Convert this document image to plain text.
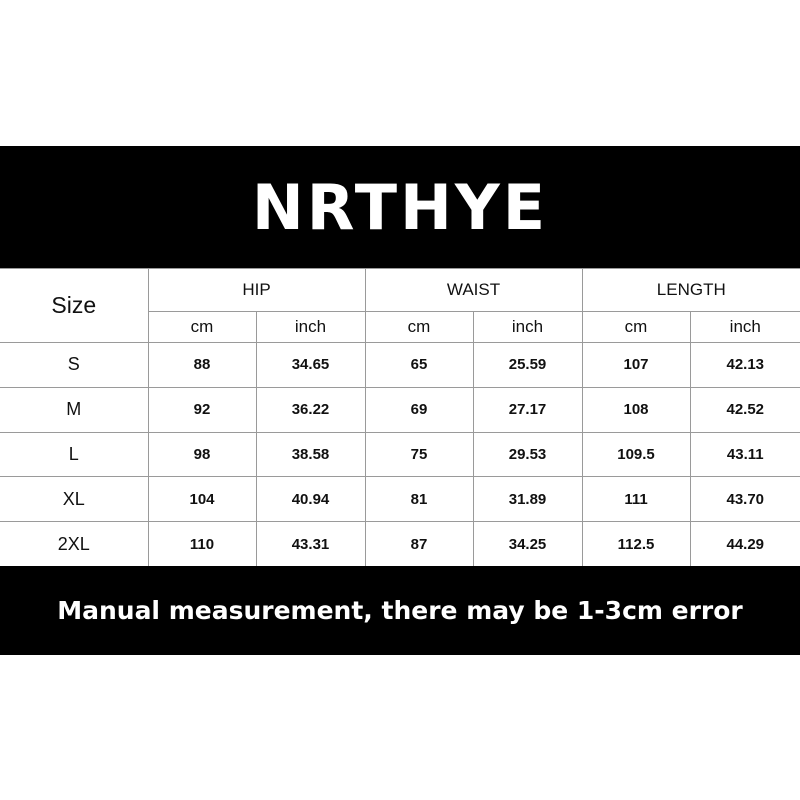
NRTHYE
Size	HIP		WAIST		LENGTH	
	cm	inch	cm	inch	cm	inch
S	88	34.65	65	25.59	107	42.13
M	92	36.22	69	27.17	108	42.52
L	98	38.58	75	29.53	109.5	43.11
XL	104	40.94	81	31.89	111	43.70
2XL	110	43.31	87	34.25	112.5	44.29
Manual measurement, there may be 1-3cm error
